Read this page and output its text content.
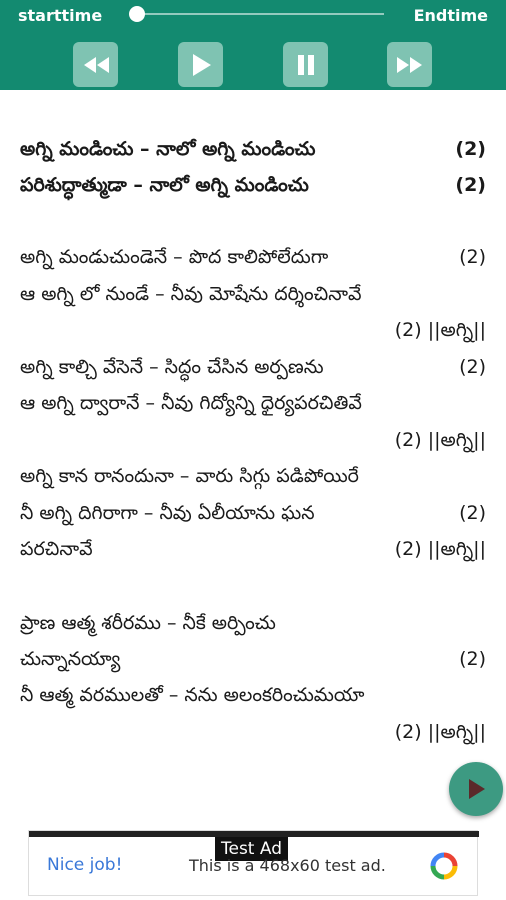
starttime	Endtime
అగ్ని మండించు – నాలో అగ్ని మండించు	(2)
పరిశుద్ధాత్ముడా – నాలో అగ్ని మండించు	(2)
అగ్ని మండుచుండెనే – పొద కాలిపోలేదుగా	(2)
ఆ అగ్ని లో నుండే – నీవు మోషేను దర్శించినావే
(2) ||అగ్ని||
అగ్ని కాల్చి వేసెనే – సిద్ధం చేసిన అర్పణను	(2)
ఆ అగ్ని ద్వారానే – నీవు గిద్యోన్ని ధైర్యపరచితివే
(2) ||అగ్ని||
అగ్ని కాన రానందునా – వారు సిగ్గు పడిపోయిరే
నీ అగ్ని దిగిరాగా – నీవు ఏలీయాను ఘన	(2)
పరచినావే	(2) ||అగ్ని||
ప్రాణ ఆత్మ శరీరము – నీకే అర్పించు
చున్నానయ్యా	(2)
నీ ఆత్మ వరములతో – నను అలంకరించుమయా
(2) ||అగ్ని||
Test Ad
Nice job!	This is a 468x60 test ad.
